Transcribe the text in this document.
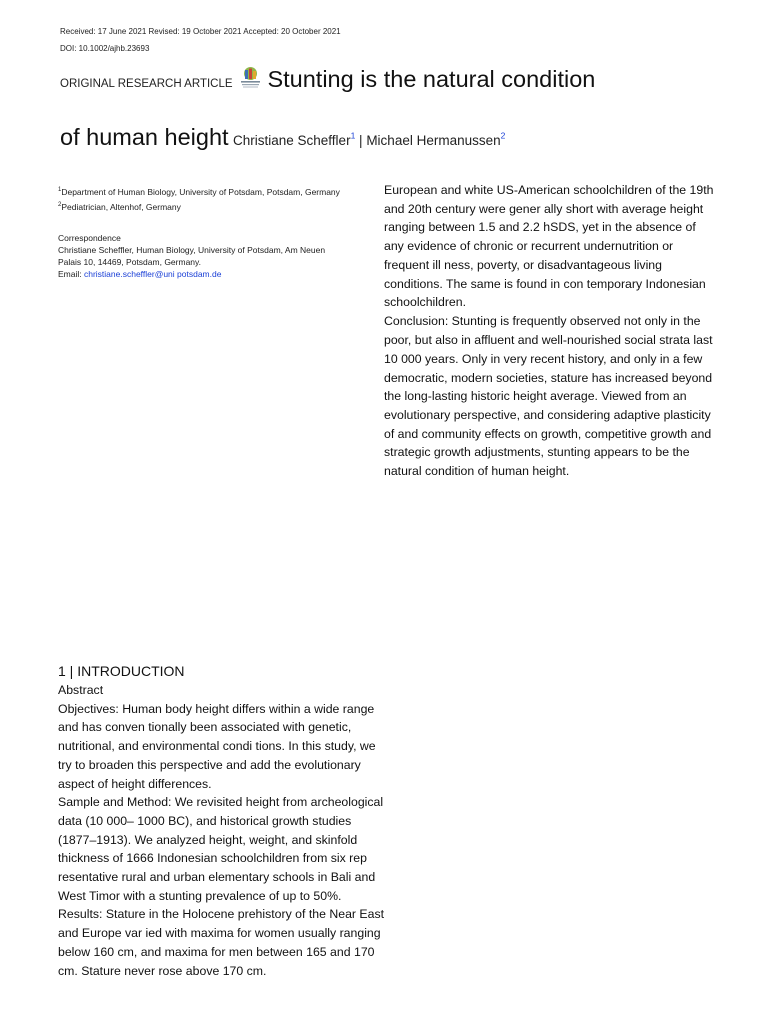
Received: 17 June 2021 Revised: 19 October 2021 Accepted: 20 October 2021
DOI: 10.1002/ajhb.23693
ORIGINAL RESEARCH ARTICLE Stunting is the natural condition
of human height Christiane Scheffler$^1$ | Michael Hermanussen$^2$
$^1$Department of Human Biology, University of Potsdam, Potsdam, Germany
$^2$Pediatrician, Altenhof, Germany
Correspondence
Christiane Scheffler, Human Biology, University of Potsdam, Am Neuen
Palais 10, 14469, Potsdam, Germany.
Email: christiane.scheffler@uni potsdam.de

European and white US-American schoolchildren of the 19th and 20th century were gener ally short with average height ranging between 1.5 and 2.2 hSDS, yet in the absence of any evidence of chronic or recurrent undernutrition or frequent ill ness, poverty, or disadvantageous living conditions. The same is found in con temporary Indonesian schoolchildren.

Conclusion: Stunting is frequently observed not only in the poor, but also in affluent and well-nourished social strata last 10 000 years. Only in very recent history, and only in a few democratic, modern societies, stature has increased beyond the long-lasting historic height average. Viewed from an evolutionary perspective, and considering adaptive plasticity of and community effects on growth, competitive growth and strategic growth adjustments, stunting appears to be the natural condition of human height.

1 | INTRODUCTION

Abstract

Objectives: Human body height differs within a wide range and has conven tionally been associated with genetic, nutritional, and environmental condi tions. In this study, we try to broaden this perspective and add the evolutionary aspect of height differences.

Sample and Method: We revisited height from archeological data (10 000– 1000 BC), and historical growth studies (1877–1913). We analyzed height, weight, and skinfold thickness of 1666 Indonesian schoolchildren from six rep resentative rural and urban elementary schools in Bali and West Timor with a stunting prevalence of up to 50%.

Results: Stature in the Holocene prehistory of the Near East and Europe var ied with maxima for women usually ranging below 160 cm, and maxima for men between 165 and 170 cm. Stature never rose above 170 cm.
